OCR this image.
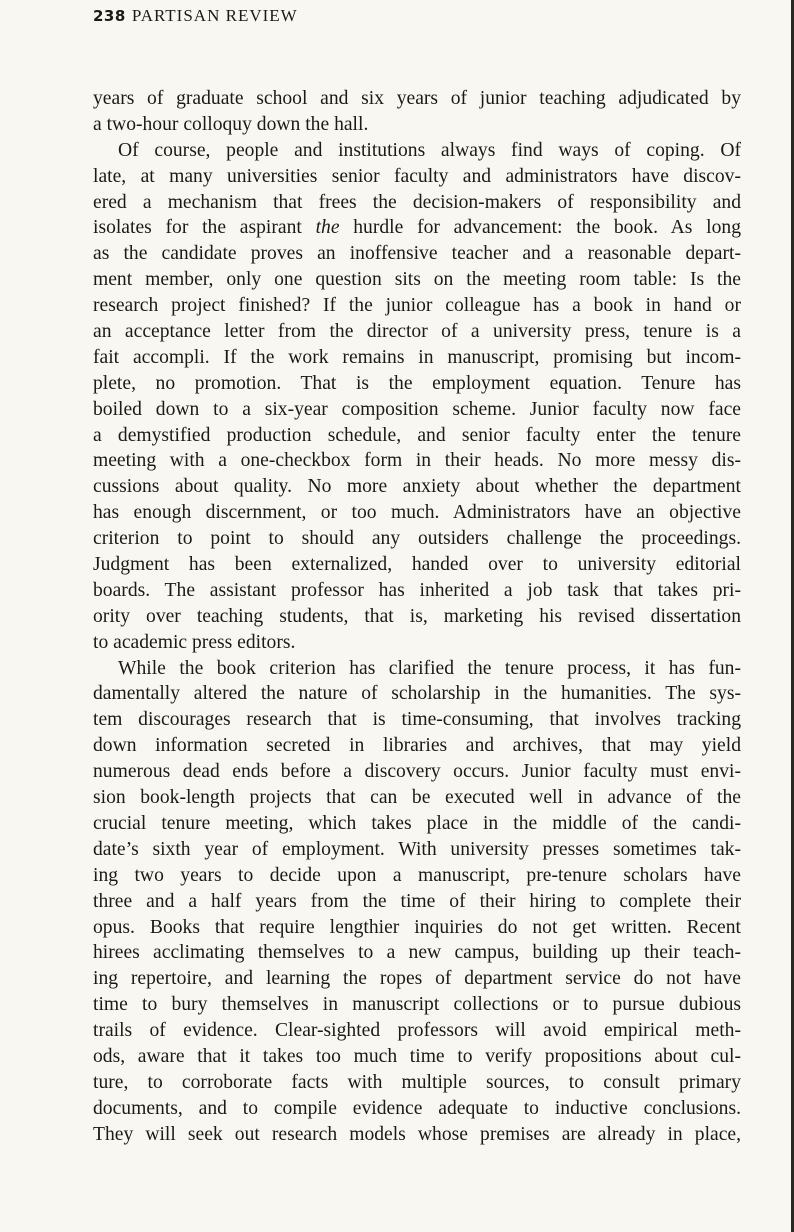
238 PARTISAN REVIEW
years of graduate school and six years of junior teaching adjudicated by
a two-hour colloquy down the hall.
Of course, people and institutions always find ways of coping. Of
late, at many universities senior faculty and administrators have discov-
ered a mechanism that frees the decision-makers of responsibility and
isolates for the aspirant the hurdle for advancement: the book. As long
as the candidate proves an inoffensive teacher and a reasonable depart-
ment member, only one question sits on the meeting room table: Is the
research project finished? If the junior colleague has a book in hand or
an acceptance letter from the director of a university press, tenure is a
fait accompli. If the work remains in manuscript, promising but incom-
plete, no promotion. That is the employment equation. Tenure has
boiled down to a six-year composition scheme. Junior faculty now face
a demystified production schedule, and senior faculty enter the tenure
meeting with a one-checkbox form in their heads. No more messy dis-
cussions about quality. No more anxiety about whether the department
has enough discernment, or too much. Administrators have an objective
criterion to point to should any outsiders challenge the proceedings.
Judgment has been externalized, handed over to university editorial
boards. The assistant professor has inherited a job task that takes pri-
ority over teaching students, that is, marketing his revised dissertation
to academic press editors.
While the book criterion has clarified the tenure process, it has fun-
damentally altered the nature of scholarship in the humanities. The sys-
tem discourages research that is time-consuming, that involves tracking
down information secreted in libraries and archives, that may yield
numerous dead ends before a discovery occurs. Junior faculty must envi-
sion book-length projects that can be executed well in advance of the
crucial tenure meeting, which takes place in the middle of the candi-
date’s sixth year of employment. With university presses sometimes tak-
ing two years to decide upon a manuscript, pre-tenure scholars have
three and a half years from the time of their hiring to complete their
opus. Books that require lengthier inquiries do not get written. Recent
hirees acclimating themselves to a new campus, building up their teach-
ing repertoire, and learning the ropes of department service do not have
time to bury themselves in manuscript collections or to pursue dubious
trails of evidence. Clear-sighted professors will avoid empirical meth-
ods, aware that it takes too much time to verify propositions about cul-
ture, to corroborate facts with multiple sources, to consult primary
documents, and to compile evidence adequate to inductive conclusions.
They will seek out research models whose premises are already in place,
